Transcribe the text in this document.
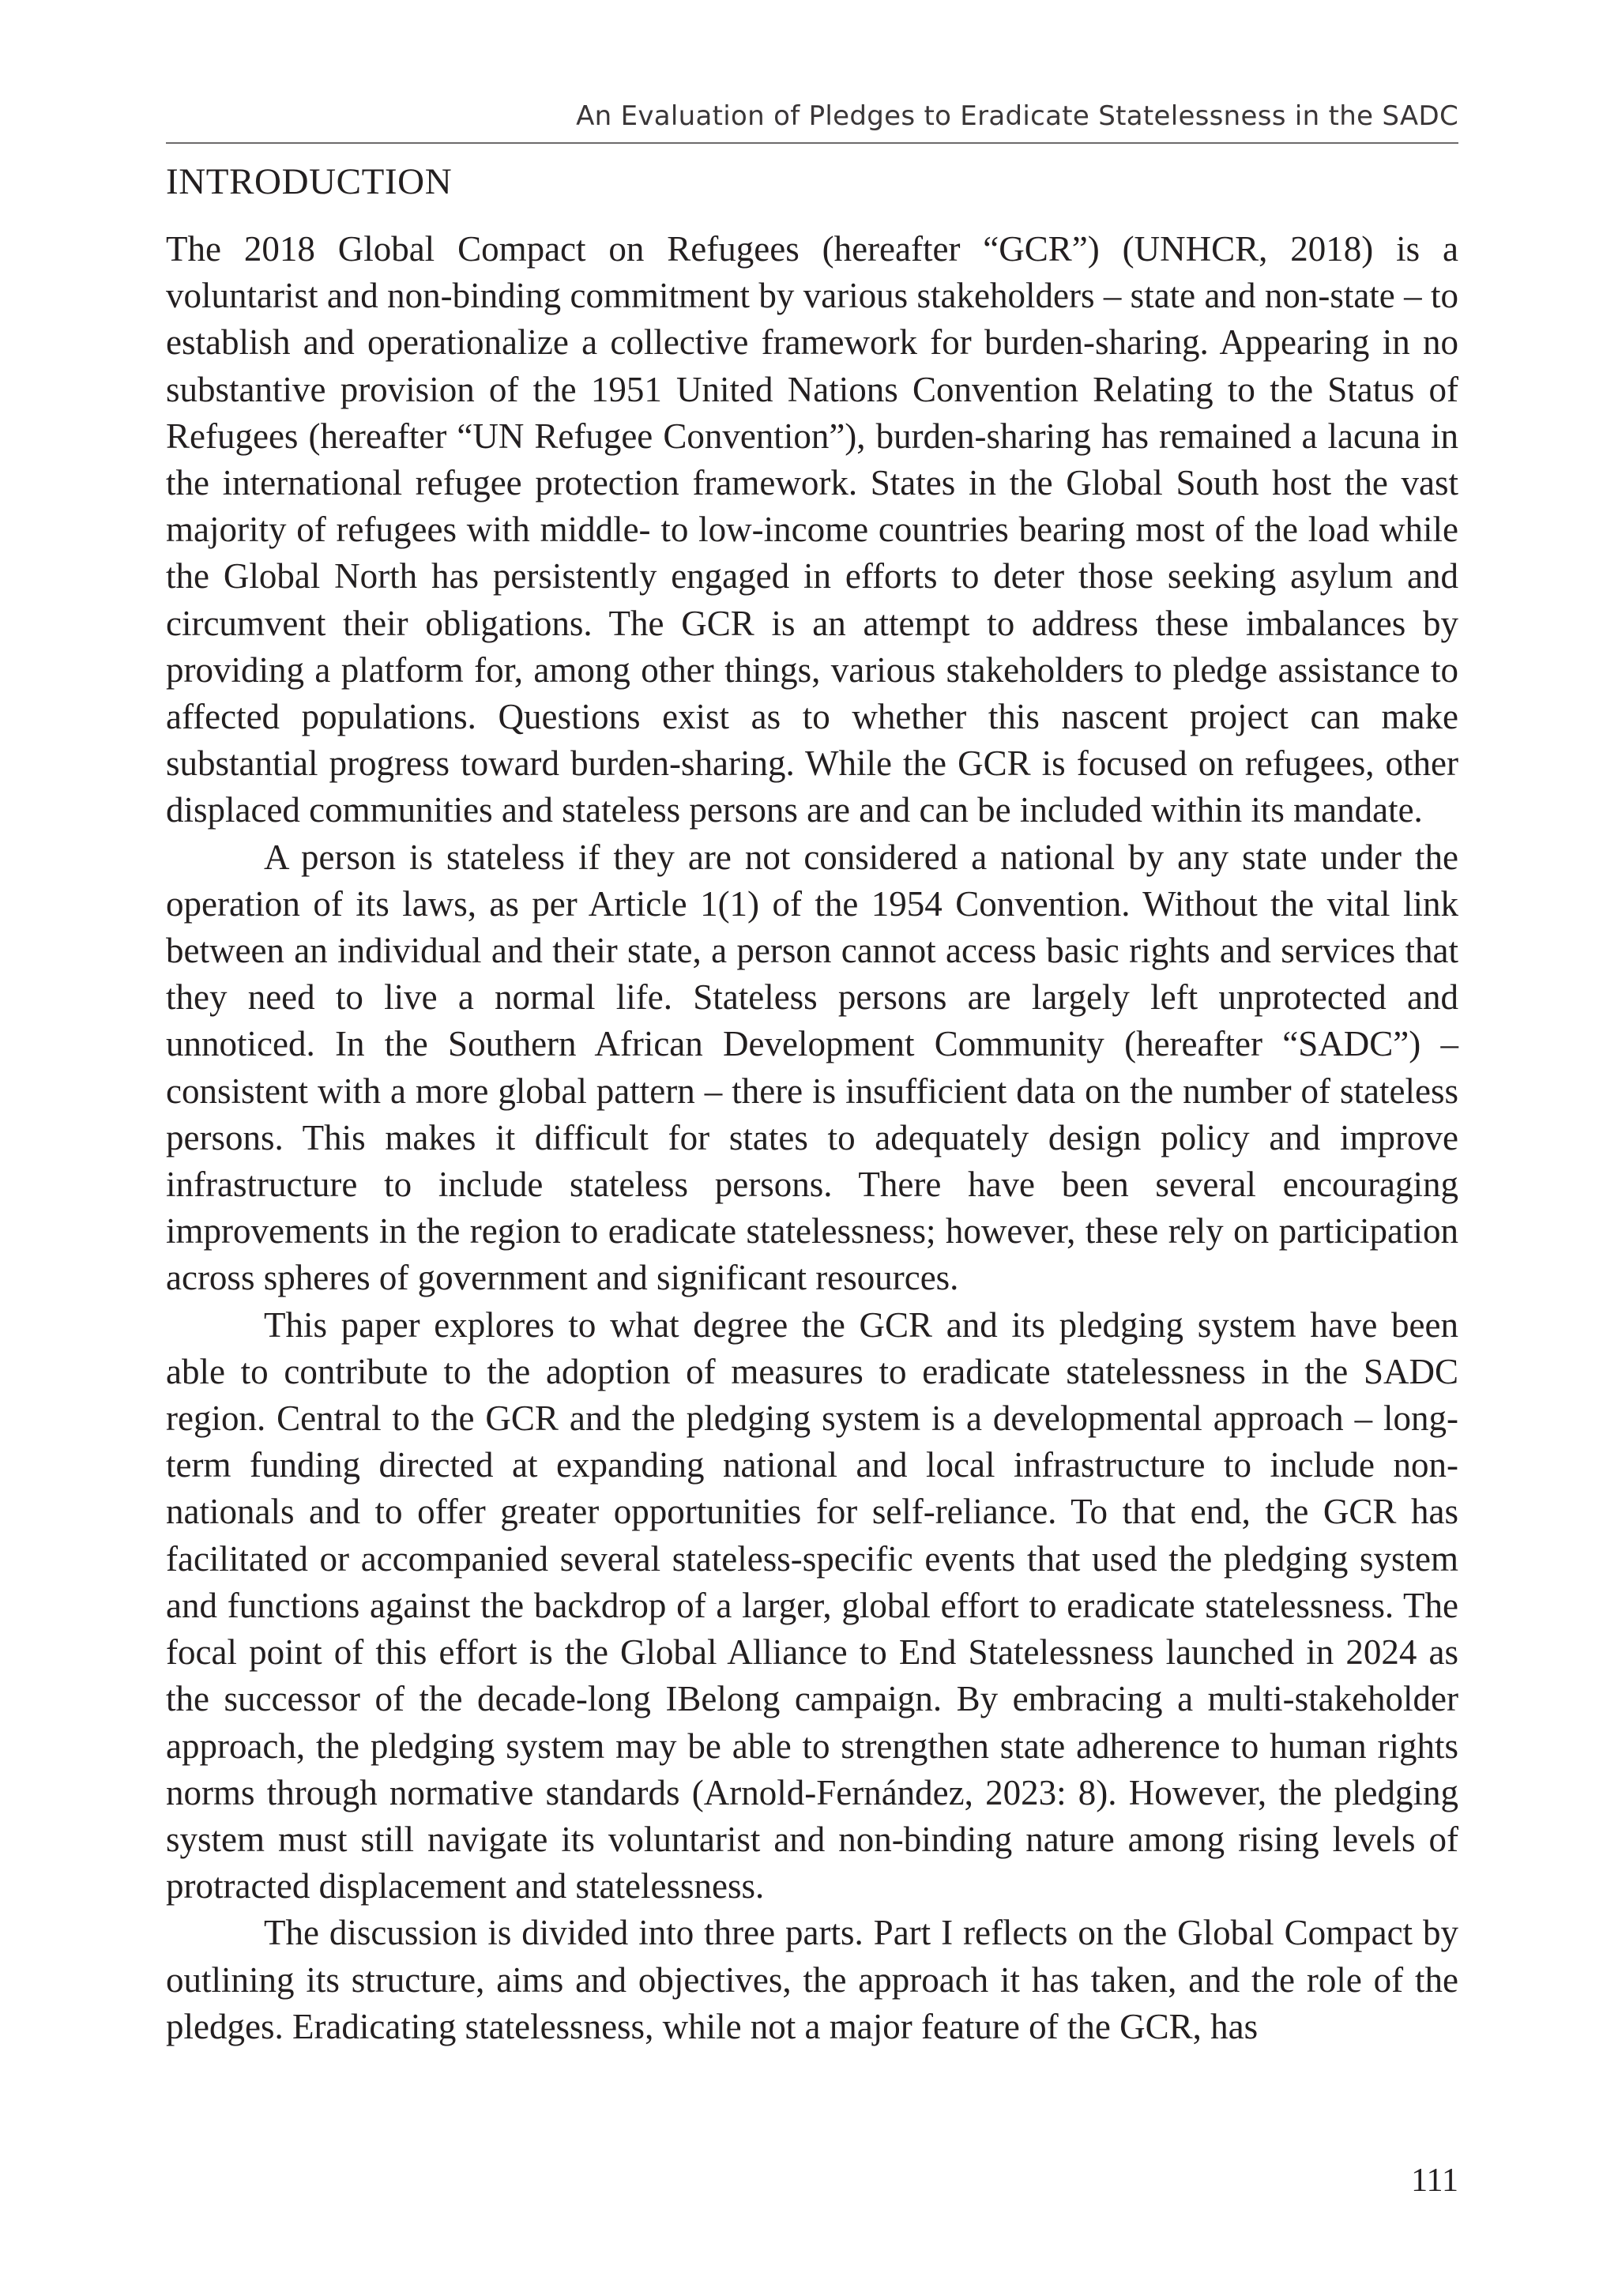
An Evaluation of Pledges to Eradicate Statelessness in the SADC
INTRODUCTION

The 2018 Global Compact on Refugees (hereafter “GCR”) (UNHCR, 2018) is a voluntarist and non-binding commitment by various stakeholders – state and non-state – to establish and operationalize a collective framework for burden-sharing. Appearing in no substantive provision of the 1951 United Nations Convention Relating to the Status of Refugees (hereafter “UN Refugee Convention”), burden-sharing has remained a lacuna in the international refugee protection framework. States in the Global South host the vast majority of refugees with middle- to low-income countries bearing most of the load while the Global North has persistently engaged in efforts to deter those seeking asylum and circumvent their obligations. The GCR is an attempt to address these imbalances by providing a platform for, among other things, various stakeholders to pledge assistance to affected populations. Questions exist as to whether this nascent project can make substantial progress toward burden-sharing. While the GCR is focused on refugees, other displaced communities and stateless persons are and can be included within its mandate.

A person is stateless if they are not considered a national by any state under the operation of its laws, as per Article 1(1) of the 1954 Convention. Without the vital link between an individual and their state, a person cannot access basic rights and services that they need to live a normal life. Stateless persons are largely left unprotected and unnoticed. In the Southern African Development Community (hereafter “SADC”) – consistent with a more global pattern – there is insufficient data on the number of stateless persons. This makes it difficult for states to adequately design policy and improve infrastructure to include stateless persons. There have been several encouraging improvements in the region to eradicate statelessness; however, these rely on participation across spheres of government and significant resources.

This paper explores to what degree the GCR and its pledging system have been able to contribute to the adoption of measures to eradicate statelessness in the SADC region. Central to the GCR and the pledging system is a developmental approach – long-term funding directed at expanding national and local infrastructure to include non-nationals and to offer greater opportunities for self-reliance. To that end, the GCR has facilitated or accompanied several stateless-specific events that used the pledging system and functions against the backdrop of a larger, global effort to eradicate statelessness. The focal point of this effort is the Global Alliance to End Statelessness launched in 2024 as the successor of the decade-long IBelong campaign. By embracing a multi-stakeholder approach, the pledging system may be able to strengthen state adherence to human rights norms through normative standards (Arnold-Fernández, 2023: 8). However, the pledging system must still navigate its voluntarist and non-binding nature among rising levels of protracted displacement and statelessness.

The discussion is divided into three parts. Part I reflects on the Global Compact by outlining its structure, aims and objectives, the approach it has taken, and the role of the pledges. Eradicating statelessness, while not a major feature of the GCR, has

111
